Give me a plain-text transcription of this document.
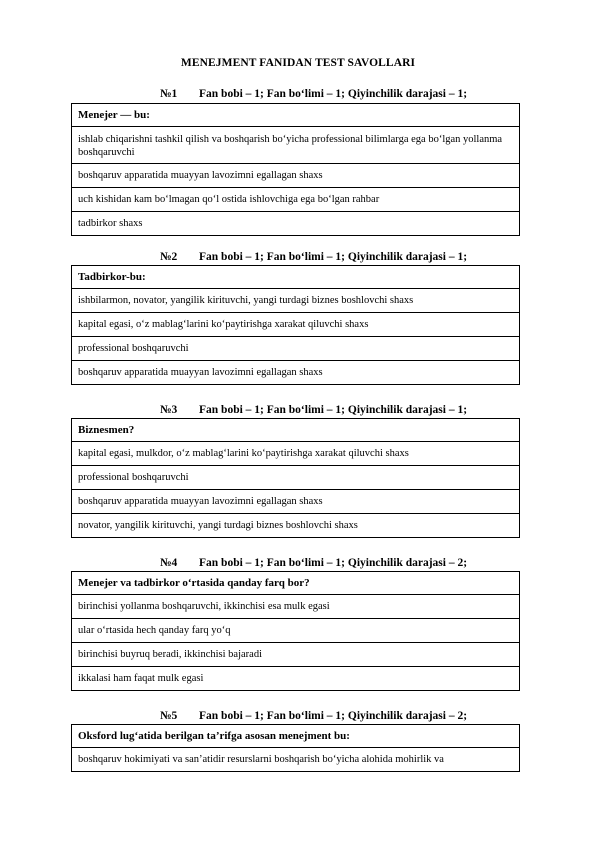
MENEJMENT FANIDAN TEST SAVOLLARI
№1 Fan bobi – 1; Fan bo‘limi – 1; Qiyinchilik darajasi – 1;
Menejer — bu:
ishlab chiqarishni tashkil qilish va boshqarish bo‘yicha professional bilimlarga ega bo‘lgan yollanma boshqaruvchi
boshqaruv apparatida muayyan lavozimni egallagan shaxs
uch kishidan kam bo‘lmagan qo‘l ostida ishlovchiga ega bo‘lgan rahbar
tadbirkor shaxs
№2 Fan bobi – 1; Fan bo‘limi – 1; Qiyinchilik darajasi – 1;
Tadbirkor-bu:
ishbilarmon, novator, yangilik kirituvchi, yangi turdagi biznes boshlovchi shaxs
kapital egasi, o‘z mablag‘larini ko‘paytirishga xarakat qiluvchi shaxs
professional boshqaruvchi
boshqaruv apparatida muayyan lavozimni egallagan shaxs
№3 Fan bobi – 1; Fan bo‘limi – 1; Qiyinchilik darajasi – 1;
Biznesmen?
kapital egasi, mulkdor, o‘z mablag‘larini ko‘paytirishga xarakat qiluvchi shaxs
professional boshqaruvchi
boshqaruv apparatida muayyan lavozimni egallagan shaxs
novator, yangilik kirituvchi, yangi turdagi biznes boshlovchi shaxs
№4 Fan bobi – 1; Fan bo‘limi – 1; Qiyinchilik darajasi – 2;
Menejer va tadbirkor o‘rtasida qanday farq bor?
birinchisi yollanma boshqaruvchi, ikkinchisi esa mulk egasi
ular o‘rtasida hech qanday farq yo‘q
birinchisi buyruq beradi, ikkinchisi bajaradi
ikkalasi ham faqat mulk egasi
№5 Fan bobi – 1; Fan bo‘limi – 1; Qiyinchilik darajasi – 2;
Oksford lug‘atida berilgan ta’rifga asosan menejment bu:
boshqaruv hokimiyati va san’atidir resurslarni boshqarish bo‘yicha alohida mohirlik va
